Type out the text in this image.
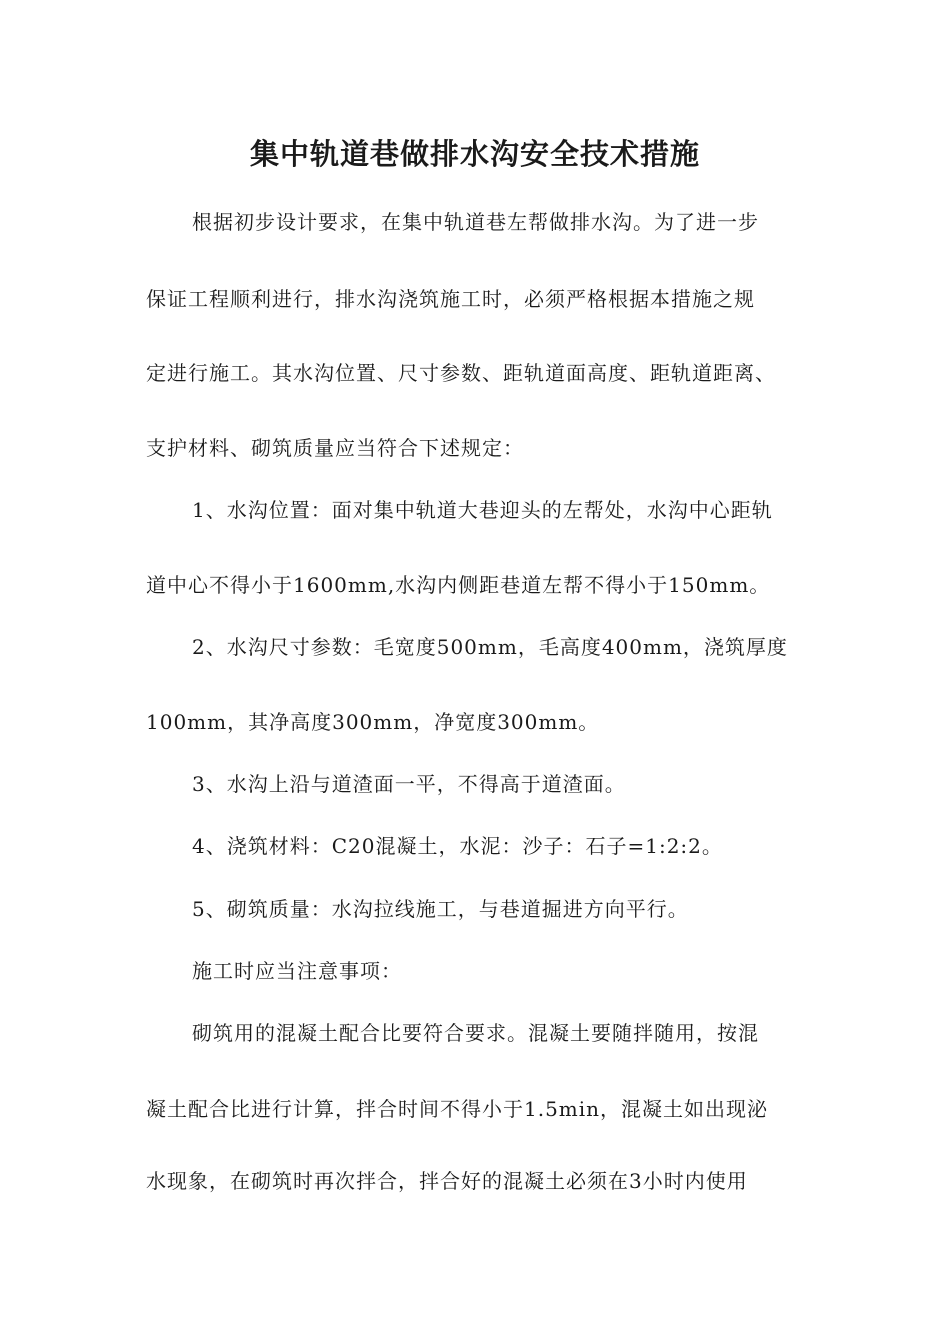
集中轨道巷做排水沟安全技术措施
根据初步设计要求，在集中轨道巷左帮做排水沟。为了进一步
保证工程顺利进行，排水沟浇筑施工时，必须严格根据本措施之规
定进行施工。其水沟位置、尺寸参数、距轨道面高度、距轨道距离、
支护材料、砌筑质量应当符合下述规定：
1、水沟位置：面对集中轨道大巷迎头的左帮处，水沟中心距轨
道中心不得小于1600mm,水沟内侧距巷道左帮不得小于150mm。
2、水沟尺寸参数：毛宽度500mm，毛高度400mm，浇筑厚度
100mm，其净高度300mm，净宽度300mm。
3、水沟上沿与道渣面一平，不得高于道渣面。
4、浇筑材料：C20混凝土，水泥：沙子：石子=1:2:2。
5、砌筑质量：水沟拉线施工，与巷道掘进方向平行。
施工时应当注意事项：
砌筑用的混凝土配合比要符合要求。混凝土要随拌随用，按混
凝土配合比进行计算，拌合时间不得小于1.5min，混凝土如出现泌
水现象，在砌筑时再次拌合，拌合好的混凝土必须在3小时内使用
